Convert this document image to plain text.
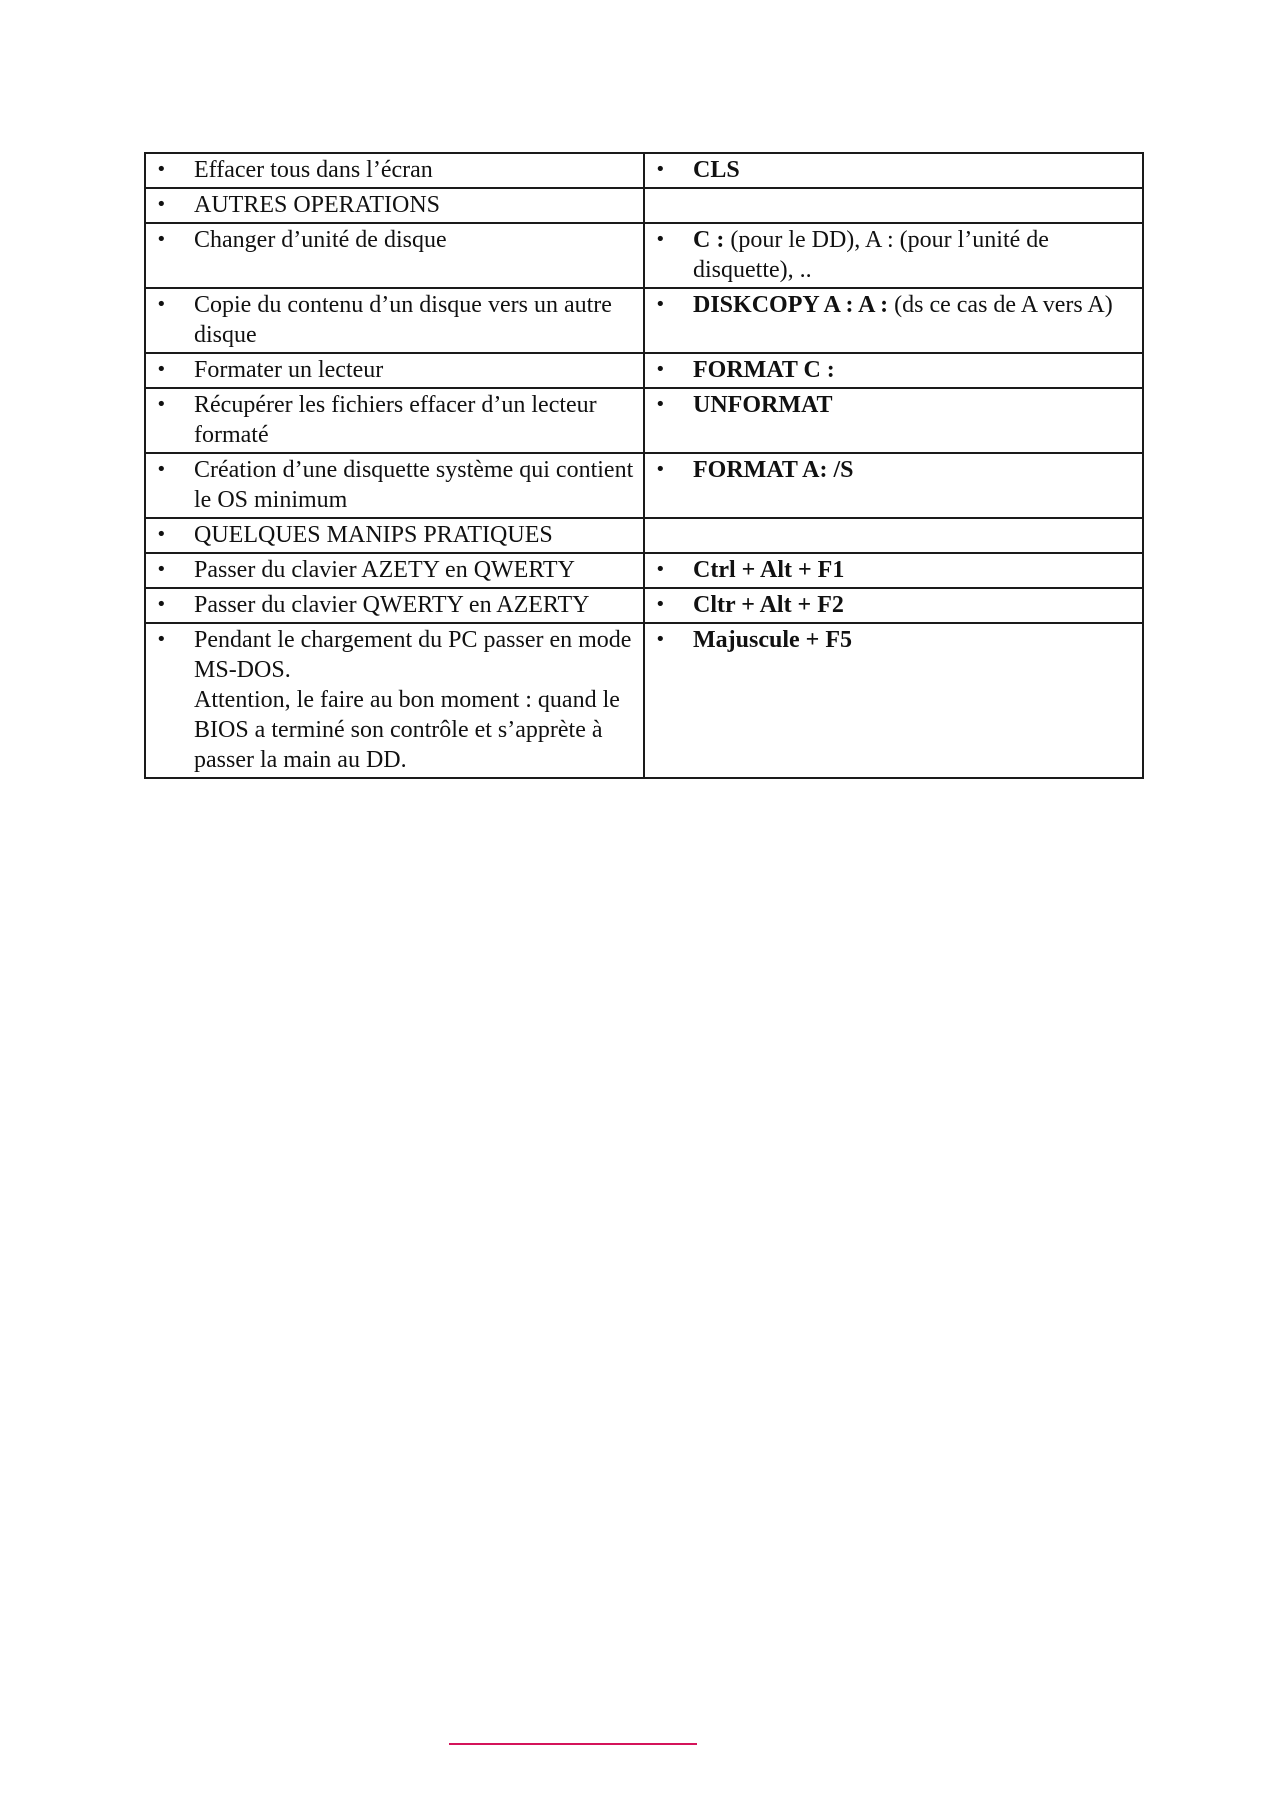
• Effacer tous dans l’écran	• CLS

• AUTRES OPERATIONS	

• Changer d’unité de disque	• C : (pour le DD), A : (pour l’unité de disquette), ..

• Copie du contenu d’un disque vers un autre disque	• DISKCOPY A : A : (ds ce cas de A vers A)

• Formater un lecteur	• FORMAT C :

• Récupérer les fichiers effacer d’un lecteur formaté	• UNFORMAT

• Création d’une disquette système qui contient le OS minimum	• FORMAT A: /S

• QUELQUES MANIPS PRATIQUES	

• Passer du clavier AZETY en QWERTY	• Ctrl + Alt + F1

• Passer du clavier QWERTY en AZERTY	• Cltr + Alt + F2

• Pendant le chargement du PC passer en mode MS-DOS.
Attention, le faire au bon moment : quand le BIOS a terminé son contrôle et s’apprète à passer la main au DD.	• Majuscule + F5
